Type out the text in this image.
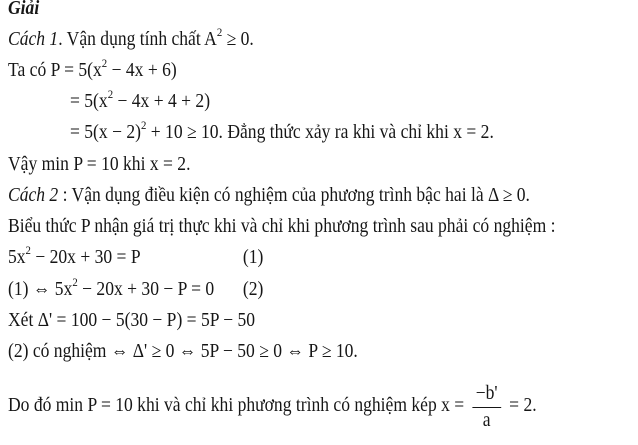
Giải
Cách 1. Vận dụng tính chất $A^2 \ge 0$.
Ta có $P = 5(x^2 - 4x + 6)$
= $5(x^2 - 4x + 4 + 2)$
= $5(x - 2)^2 + 10 \ge 10$. Đẳng thức xảy ra khi và chỉ khi x = 2.
Vậy min P = 10 khi x = 2.
Cách 2 : Vận dụng điều kiện có nghiệm của phương trình bậc hai là Δ ≥ 0.
Biểu thức P nhận giá trị thực khi và chỉ khi phương trình sau phải có nghiệm :
$5x^2 - 20x + 30 = P$	(1)
(1) ⇔ $5x^2 - 20x + 30 - P = 0$ (2)
Xét Δ' = 100 − 5(30 − P) = 5P − 50
(2) có nghiệm ⇔ Δ' ≥ 0 ⇔ 5P − 50 ≥ 0 ⇔ P ≥ 10.
Do đó min P = 10 khi và chỉ khi phương trình có nghiệm kép $x = \frac{-b'}{a} = 2$.
